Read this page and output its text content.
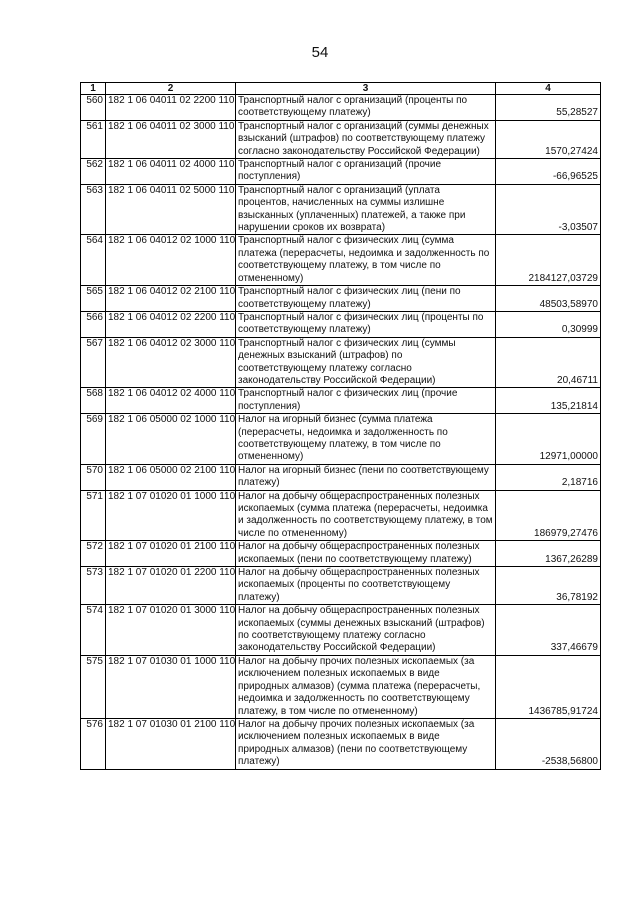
54
1	2	3	4
560	182 1 06 04011 02 2200 110	Транспортный налог с организаций (проценты по соответствующему платежу)	55,28527
561	182 1 06 04011 02 3000 110	Транспортный налог с организаций (суммы денежных взысканий (штрафов) по соответствующему платежу согласно законодательству Российской Федерации)	1570,27424
562	182 1 06 04011 02 4000 110	Транспортный налог с организаций (прочие поступления)	-66,96525
563	182 1 06 04011 02 5000 110	Транспортный налог с организаций (уплата процентов, начисленных на суммы излишне взысканных (уплаченных) платежей, а также при нарушении сроков их возврата)	-3,03507
564	182 1 06 04012 02 1000 110	Транспортный налог с физических лиц (сумма платежа (перерасчеты, недоимка и задолженность по соответствующему платежу, в том числе по отмененному)	2184127,03729
565	182 1 06 04012 02 2100 110	Транспортный налог с физических лиц (пени по соответствующему платежу)	48503,58970
566	182 1 06 04012 02 2200 110	Транспортный налог с физических лиц (проценты по соответствующему платежу)	0,30999
567	182 1 06 04012 02 3000 110	Транспортный налог с физических лиц (суммы денежных взысканий (штрафов) по соответствующему платежу согласно законодательству Российской Федерации)	20,46711
568	182 1 06 04012 02 4000 110	Транспортный налог с физических лиц (прочие поступления)	135,21814
569	182 1 06 05000 02 1000 110	Налог на игорный бизнес (сумма платежа (перерасчеты, недоимка и задолженность по соответствующему платежу, в том числе по отмененному)	12971,00000
570	182 1 06 05000 02 2100 110	Налог на игорный бизнес (пени по соответствующему платежу)	2,18716
571	182 1 07 01020 01 1000 110	Налог на добычу общераспространенных полезных ископаемых (сумма платежа (перерасчеты, недоимка и задолженность по соответствующему платежу, в том числе по отмененному)	186979,27476
572	182 1 07 01020 01 2100 110	Налог на добычу общераспространенных полезных ископаемых (пени по соответствующему платежу)	1367,26289
573	182 1 07 01020 01 2200 110	Налог на добычу общераспространенных полезных ископаемых (проценты по соответствующему платежу)	36,78192
574	182 1 07 01020 01 3000 110	Налог на добычу общераспространенных полезных ископаемых (суммы денежных взысканий (штрафов) по соответствующему платежу согласно законодательству Российской Федерации)	337,46679
575	182 1 07 01030 01 1000 110	Налог на добычу прочих полезных ископаемых (за исключением полезных ископаемых в виде природных алмазов) (сумма платежа (перерасчеты, недоимка и задолженность по соответствующему платежу, в том числе по отмененному)	1436785,91724
576	182 1 07 01030 01 2100 110	Налог на добычу прочих полезных ископаемых (за исключением полезных ископаемых в виде природных алмазов) (пени по соответствующему платежу)	-2538,56800
